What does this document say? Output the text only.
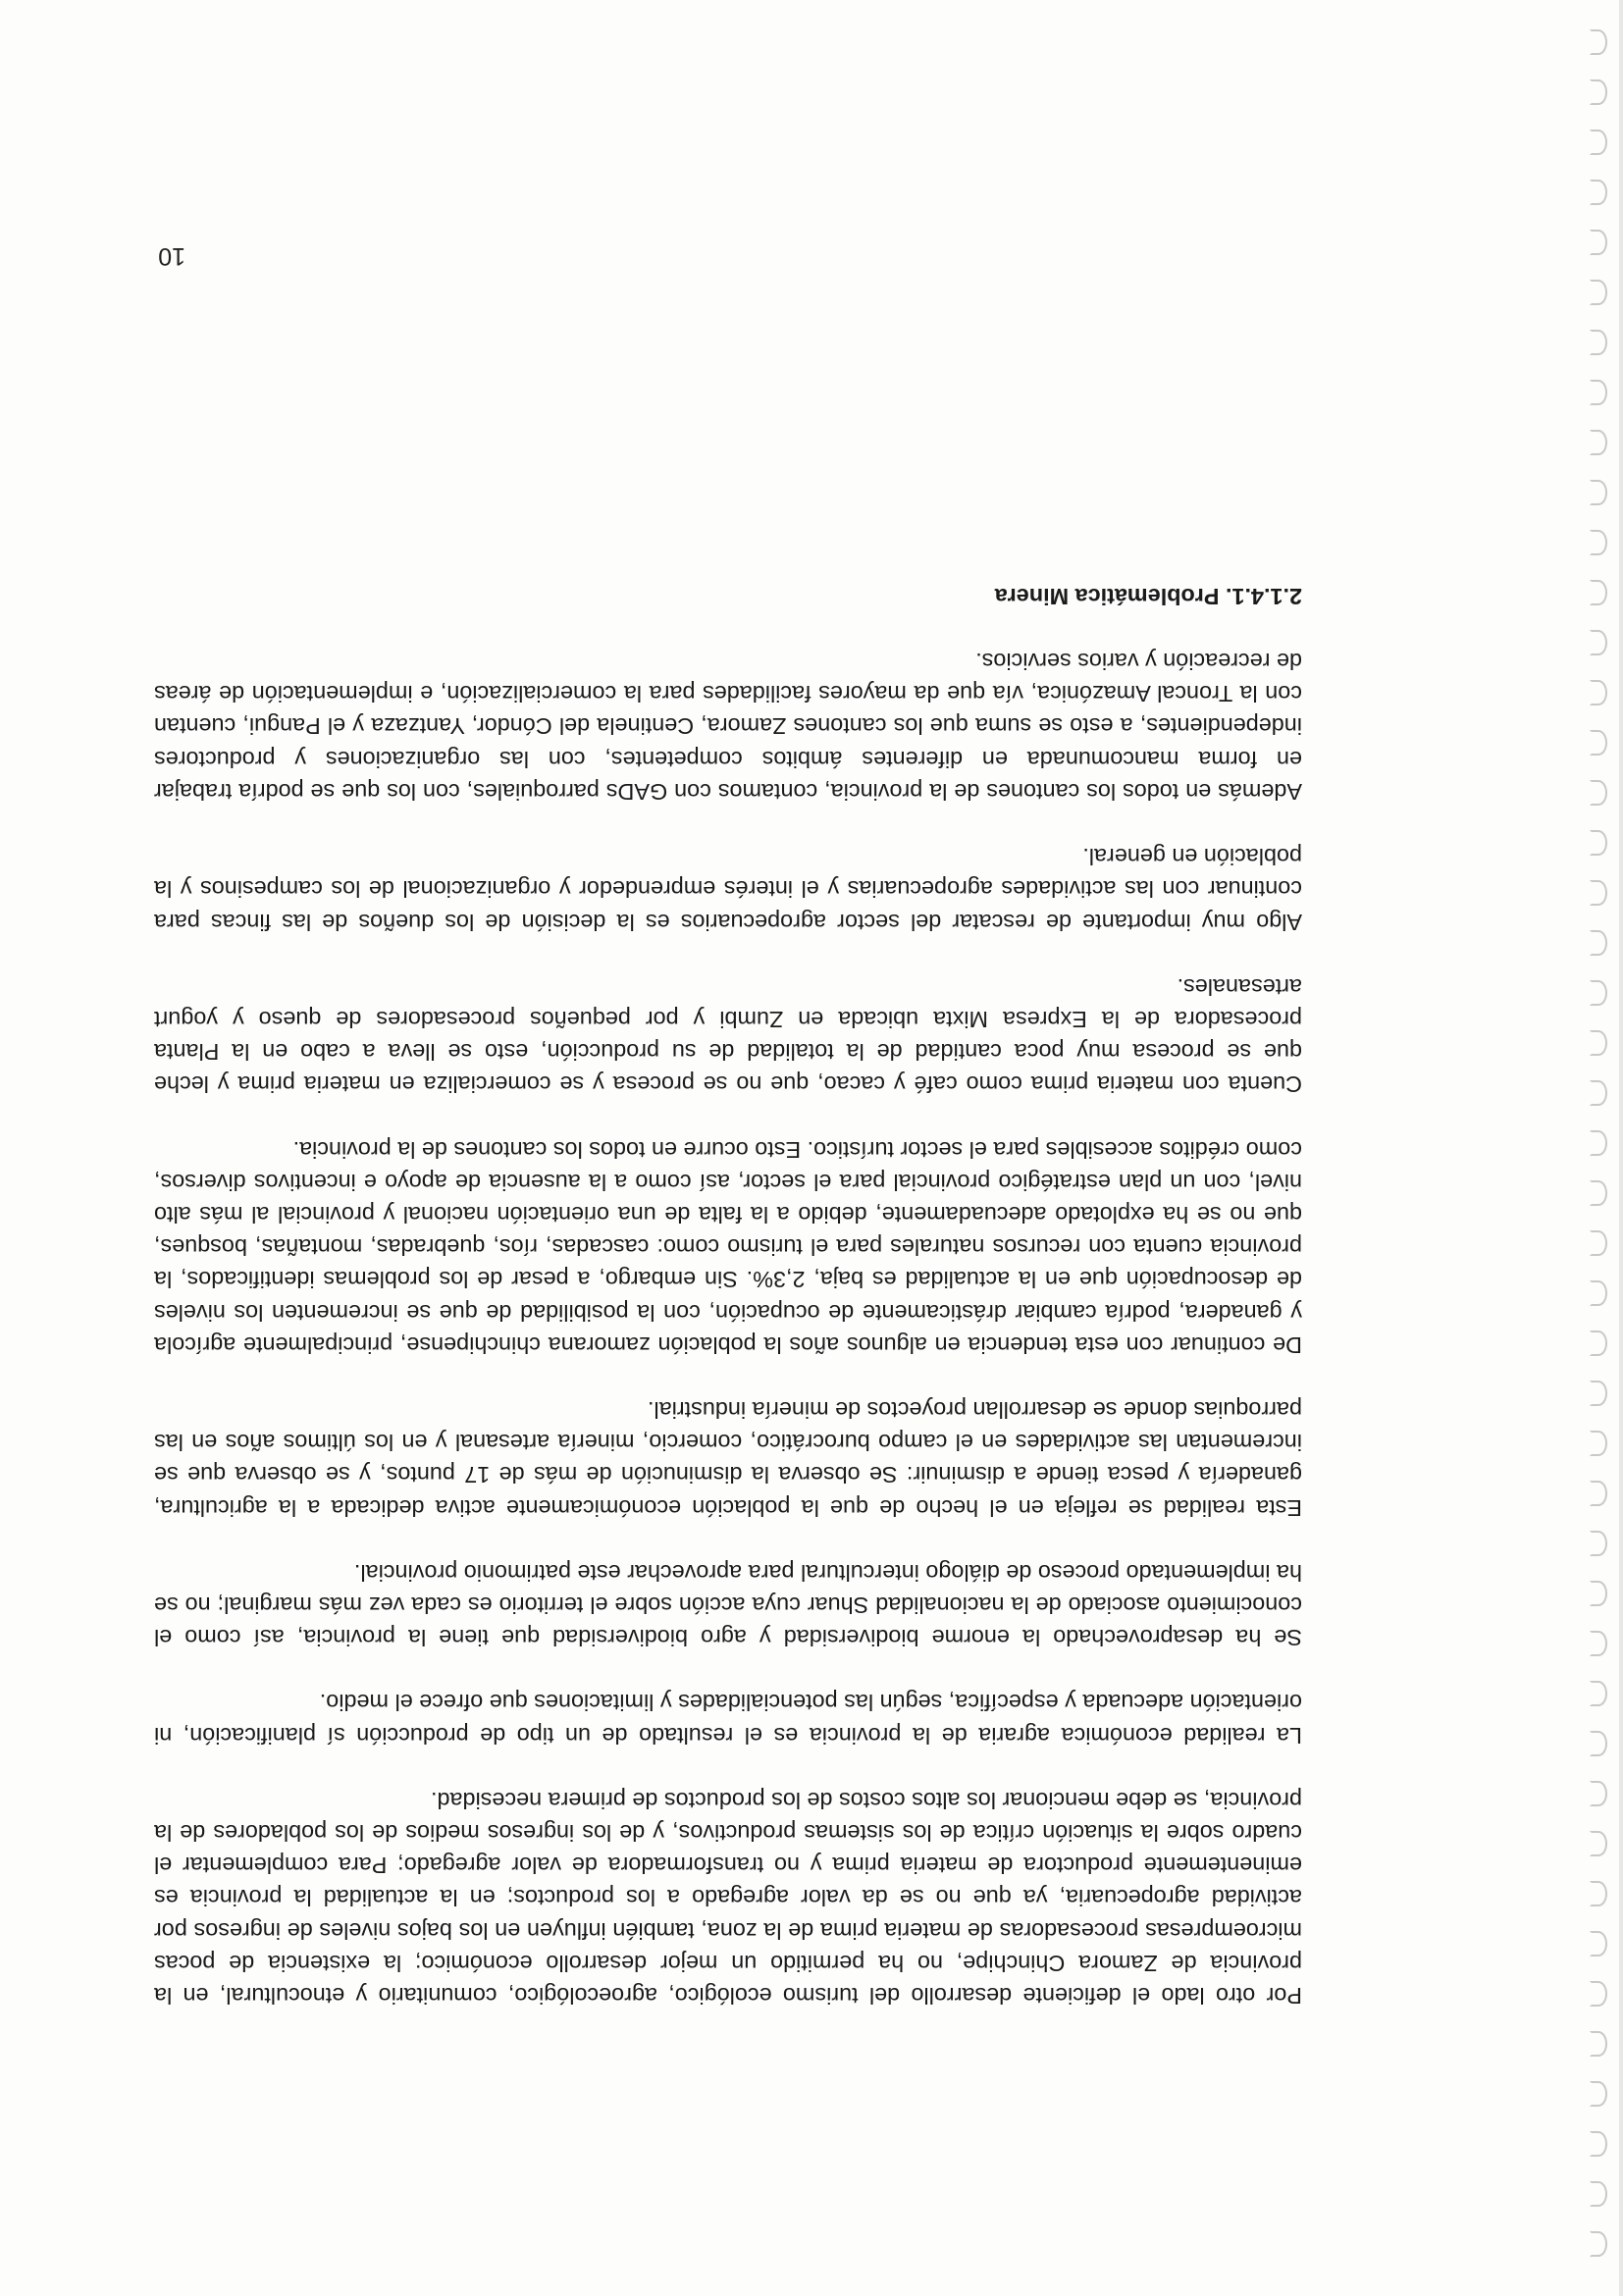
Por otro lado el deficiente desarrollo del turismo ecológico, agroecológico, comunitario y etnocultural, en la provincia de Zamora Chinchipe, no ha permitido un mejor desarrollo económico; la existencia de pocas microempresas procesadoras de materia prima de la zona, también influyen en los bajos niveles de ingresos por actividad agropecuaria, ya que no se da valor agregado a los productos; en la actualidad la provincia es eminentemente productora de materia prima y no transformadora de valor agregado; Para complementar el cuadro sobre la situación crítica de los sistemas productivos, y de los ingresos medios de los pobladores de la provincia, se debe mencionar los altos costos de los productos de primera necesidad.

La realidad económica agraria de la provincia es el resultado de un tipo de producción sí planificación, ni orientación adecuada y específica, según las potencialidades y limitaciones que ofrece el medio.

Se ha desaprovechado la enorme biodiversidad y agro biodiversidad que tiene la provincia, así como el conocimiento asociado de la nacionalidad Shuar cuya acción sobre el territorio es cada vez más marginal; no se ha implementado proceso de diálogo intercultural para aprovechar este patrimonio provincial.

Esta realidad se refleja en el hecho de que la población económicamente activa dedicada a la agricultura, ganadería y pesca tiende a disminuir: Se observa la disminución de más de 17 puntos, y se observa que se incrementan las actividades en el campo burocrático, comercio, minería artesanal y en los últimos años en las parroquias donde se desarrollan proyectos de minería industrial.

De continuar con esta tendencia en algunos años la población zamorana chinchipense, principalmente agrícola y ganadera, podría cambiar drásticamente de ocupación, con la posibilidad de que se incrementen los niveles de desocupación que en la actualidad es baja, 2,3%. Sin embargo, a pesar de los problemas identificados, la provincia cuenta con recursos naturales para el turismo como: cascadas, ríos, quebradas, montañas, bosques, que no se ha explotado adecuadamente, debido a la falta de una orientación nacional y provincial al más alto nivel, con un plan estratégico provincial para el sector, así como a la ausencia de apoyo e incentivos diversos, como créditos accesibles para el sector turístico. Esto ocurre en todos los cantones de la provincia.

Cuenta con materia prima como café y cacao, que no se procesa y se comercializa en materia prima y leche que se procesa muy poca cantidad de la totalidad de su producción, esto se lleva a cabo en la Planta procesadora de la Expresa Mixta ubicada en Zumbi y por pequeños procesadores de queso y yogurt artesanales.

Algo muy importante de rescatar del sector agropecuarios es la decisión de los dueños de las fincas para continuar con las actividades agropecuarias y el interés emprendedor y organizacional de los campesinos y la población en general.

Además en todos los cantones de la provincia, contamos con GADs parroquiales, con los que se podría trabajar en forma mancomunada en diferentes ámbitos competentes, con las organizaciones y productores independientes, a esto se suma que los cantones Zamora, Centinela del Cóndor, Yantzaza y el Pangui, cuentan con la Troncal Amazónica, vía que da mayores facilidades para la comercialización, e implementación de áreas de recreación y varios servicios.

2.1.4.1. Problemática Minera
10
